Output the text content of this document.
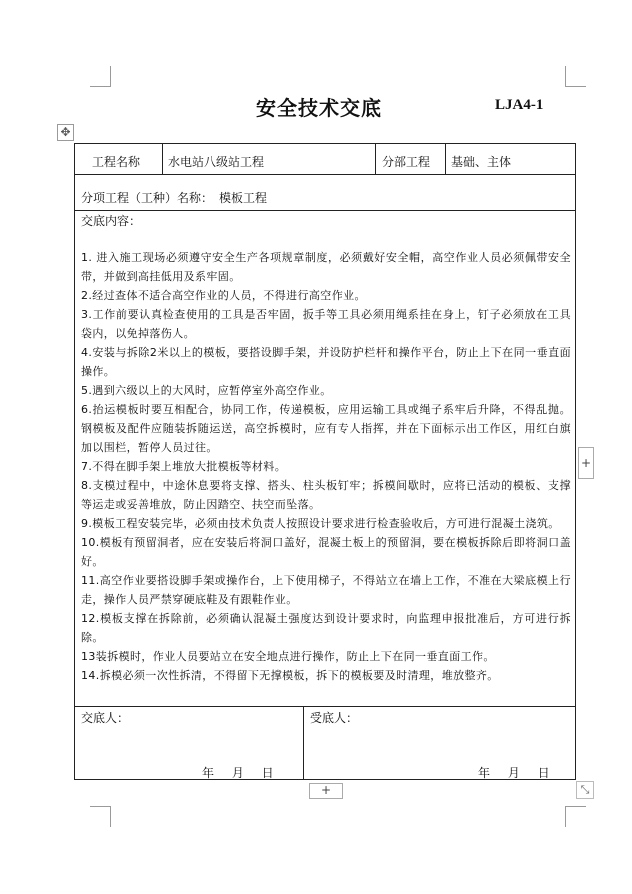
安全技术交底	LJA4-1
✥
工程名称 水电站八级站工程	分部工程 基础、主体
分项工程（工种）名称： 模板工程
交底内容：

1. 进入施工现场必须遵守安全生产各项规章制度，必须戴好安全帽，高空作业人员必须佩带安全带，并做到高挂低用及系牢固。

2.经过查体不适合高空作业的人员，不得进行高空作业。

3.工作前要认真检查使用的工具是否牢固，扳手等工具必须用绳系挂在身上，钉子必须放在工具袋内，以免掉落伤人。

4.安装与拆除2米以上的模板，要搭设脚手架，并设防护栏杆和操作平台，防止上下在同一垂直面操作。

5.遇到六级以上的大风时，应暂停室外高空作业。

6.抬运模板时要互相配合，协同工作，传递模板，应用运输工具或绳子系牢后升降，不得乱抛。钢模板及配件应随装拆随运送，高空拆模时，应有专人指挥，并在下面标示出工作区，用红白旗加以围栏，暂停人员过往。

7.不得在脚手架上堆放大批模板等材料。

8.支模过程中，中途休息要将支撑、搭头、柱头板钉牢；拆模间歇时，应将已活动的模板、支撑等运走或妥善堆放，防止因踏空、扶空而坠落。

9.模板工程安装完毕，必须由技术负责人按照设计要求进行检查验收后，方可进行混凝土浇筑。

10.模板有预留洞者，应在安装后将洞口盖好，混凝土板上的预留洞，要在模板拆除后即将洞口盖好。

11.高空作业要搭设脚手架或操作台，上下使用梯子，不得站立在墙上工作，不准在大梁底模上行走，操作人员严禁穿硬底鞋及有跟鞋作业。

12.模板支撑在拆除前，必须确认混凝土强度达到设计要求时，向监理申报批准后，方可进行拆除。

13装拆模时，作业人员要站立在安全地点进行操作，防止上下在同一垂直面工作。

14.拆模必须一次性拆清，不得留下无撑模板，拆下的模板要及时清理，堆放整齐。

交底人：	受底人：
年 月 日	年 月 日
+
+
⤡
